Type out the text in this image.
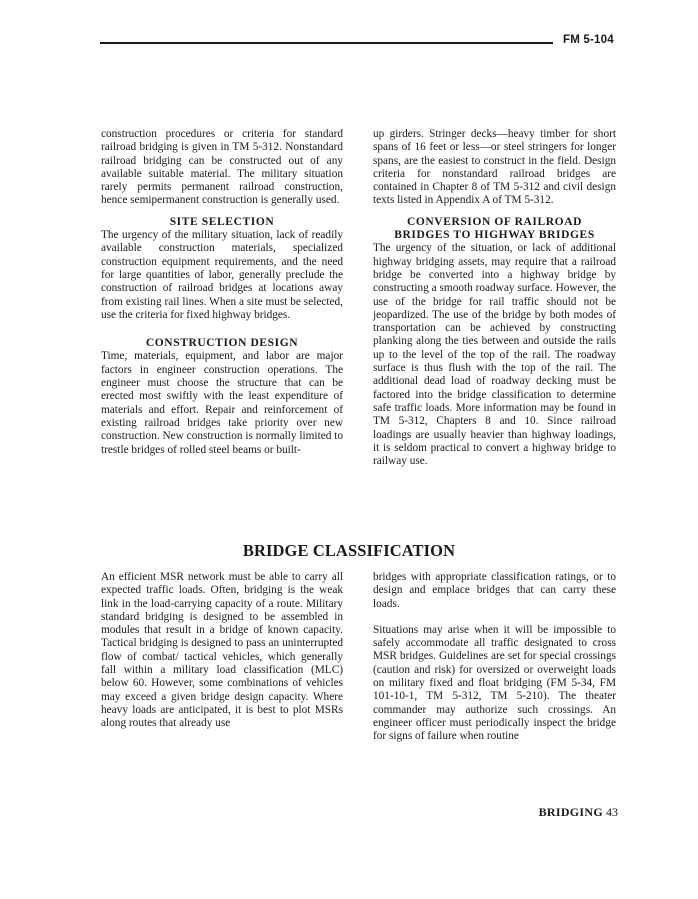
FM 5-104

construction procedures or criteria for standard railroad bridging is given in TM 5-312. Nonstandard railroad bridging can be constructed out of any available suitable material. The military situation rarely permits permanent railroad construction, hence semipermanent construction is generally used.

SITE SELECTION

The urgency of the military situation, lack of readily available construction materials, specialized construction equipment requirements, and the need for large quantities of labor, generally preclude the construction of railroad bridges at locations away from existing rail lines. When a site must be selected, use the criteria for fixed highway bridges.

CONSTRUCTION DESIGN

Time, materials, equipment, and labor are major factors in engineer construction operations. The engineer must choose the structure that can be erected most swiftly with the least expenditure of materials and effort. Repair and reinforcement of existing railroad bridges take priority over new construction. New construction is normally limited to trestle bridges of rolled steel beams or built-

up girders. Stringer decks—heavy timber for short spans of 16 feet or less—or steel stringers for longer spans, are the easiest to construct in the field. Design criteria for nonstandard railroad bridges are contained in Chapter 8 of TM 5-312 and civil design texts listed in Appendix A of TM 5-312.

CONVERSION OF RAILROAD

BRIDGES TO HIGHWAY BRIDGES

The urgency of the situation, or lack of additional highway bridging assets, may require that a railroad bridge be converted into a highway bridge by constructing a smooth roadway surface. However, the use of the bridge for rail traffic should not be jeopardized. The use of the bridge by both modes of transportation can be achieved by constructing planking along the ties between and outside the rails up to the level of the top of the rail. The roadway surface is thus flush with the top of the rail. The additional dead load of roadway decking must be factored into the bridge classification to determine safe traffic loads. More information may be found in TM 5-312, Chapters 8 and 10. Since railroad loadings are usually heavier than highway loadings, it is seldom practical to convert a highway bridge to railway use.

BRIDGE CLASSIFICATION

An efficient MSR network must be able to carry all expected traffic loads. Often, bridging is the weak link in the load-carrying capacity of a route. Military standard bridging is designed to be assembled in modules that result in a bridge of known capacity. Tactical bridging is designed to pass an uninterrupted flow of combat/ tactical vehicles, which generally fall within a military load classification (MLC) below 60. However, some combinations of vehicles may exceed a given bridge design capacity. Where heavy loads are anticipated, it is best to plot MSRs along routes that already use

bridges with appropriate classification ratings, or to design and emplace bridges that can carry these loads.

Situations may arise when it will be impossible to safely accommodate all traffic designated to cross MSR bridges. Guidelines are set for special crossings (caution and risk) for oversized or overweight loads on military fixed and float bridging (FM 5-34, FM 101-10-1, TM 5-312, TM 5-210). The theater commander may authorize such crossings. An engineer officer must periodically inspect the bridge for signs of failure when routine

BRIDGING 43
